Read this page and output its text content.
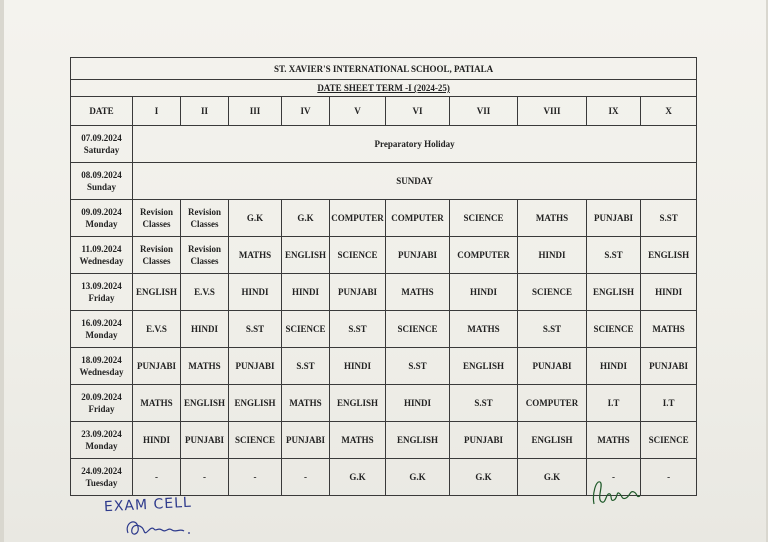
ST. XAVIER'S INTERNATIONAL SCHOOL, PATIALA										
DATE SHEET TERM -I (2024-25)										
DATE	I	II	III	IV	V	VI	VII	VIII	IX	X

07.09.2024
Saturday	Preparatory Holiday									

08.09.2024
Sunday	SUNDAY									

09.09.2024
Monday	Revision Classes	Revision Classes	G.K	G.K	COMPUTER	COMPUTER	SCIENCE	MATHS	PUNJABI	S.ST

11.09.2024
Wednesday	Revision Classes	Revision Classes	MATHS	ENGLISH	SCIENCE	PUNJABI	COMPUTER	HINDI	S.ST	ENGLISH

13.09.2024
Friday	ENGLISH	E.V.S	HINDI	HINDI	PUNJABI	MATHS	HINDI	SCIENCE	ENGLISH	HINDI

16.09.2024
Monday	E.V.S	HINDI	S.ST	SCIENCE	S.ST	SCIENCE	MATHS	S.ST	SCIENCE	MATHS

18.09.2024
Wednesday	PUNJABI	MATHS	PUNJABI	S.ST	HINDI	S.ST	ENGLISH	PUNJABI	HINDI	PUNJABI

20.09.2024
Friday	MATHS	ENGLISH	ENGLISH	MATHS	ENGLISH	HINDI	S.ST	COMPUTER	I.T	I.T

23.09.2024
Monday	HINDI	PUNJABI	SCIENCE	PUNJABI	MATHS	ENGLISH	PUNJABI	ENGLISH	MATHS	SCIENCE

24.09.2024
Tuesday	-	-	-	-	G.K	G.K	G.K	G.K	-	-
EXAM CELL
